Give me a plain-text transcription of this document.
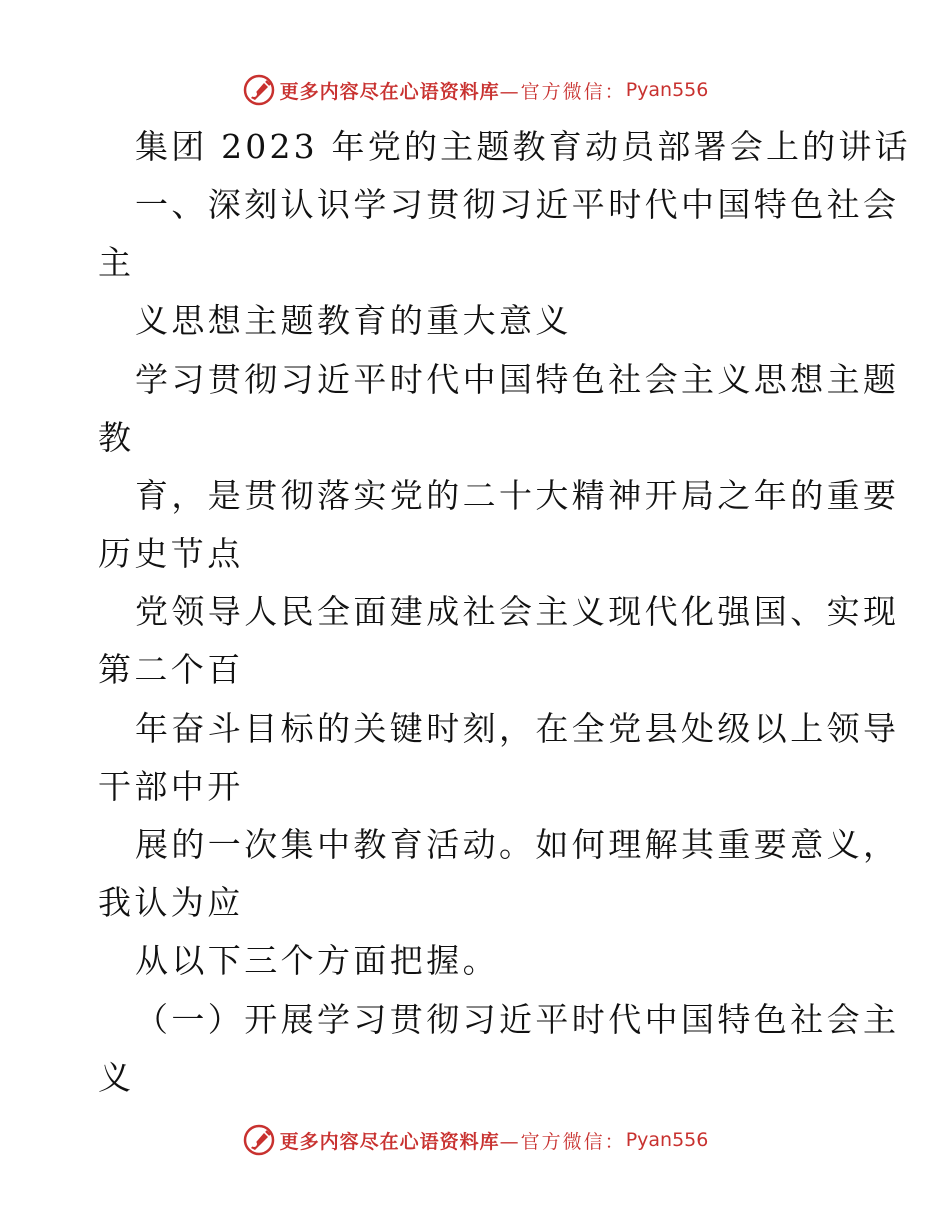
更多内容尽在心语资料库 —官方微信： Pyan556
集团 2023 年党的主题教育动员部署会上的讲话
一、深刻认识学习贯彻习近平时代中国特色社会
主
义思想主题教育的重大意义
学习贯彻习近平时代中国特色社会主义思想主题
教
育，是贯彻落实党的二十大精神开局之年的重要
历史节点
党领导人民全面建成社会主义现代化强国、实现
第二个百
年奋斗目标的关键时刻，在全党县处级以上领导
干部中开
展的一次集中教育活动。如何理解其重要意义，
我认为应
从以下三个方面把握。
（一）开展学习贯彻习近平时代中国特色社会主
义
更多内容尽在心语资料库 —官方微信： Pyan556
